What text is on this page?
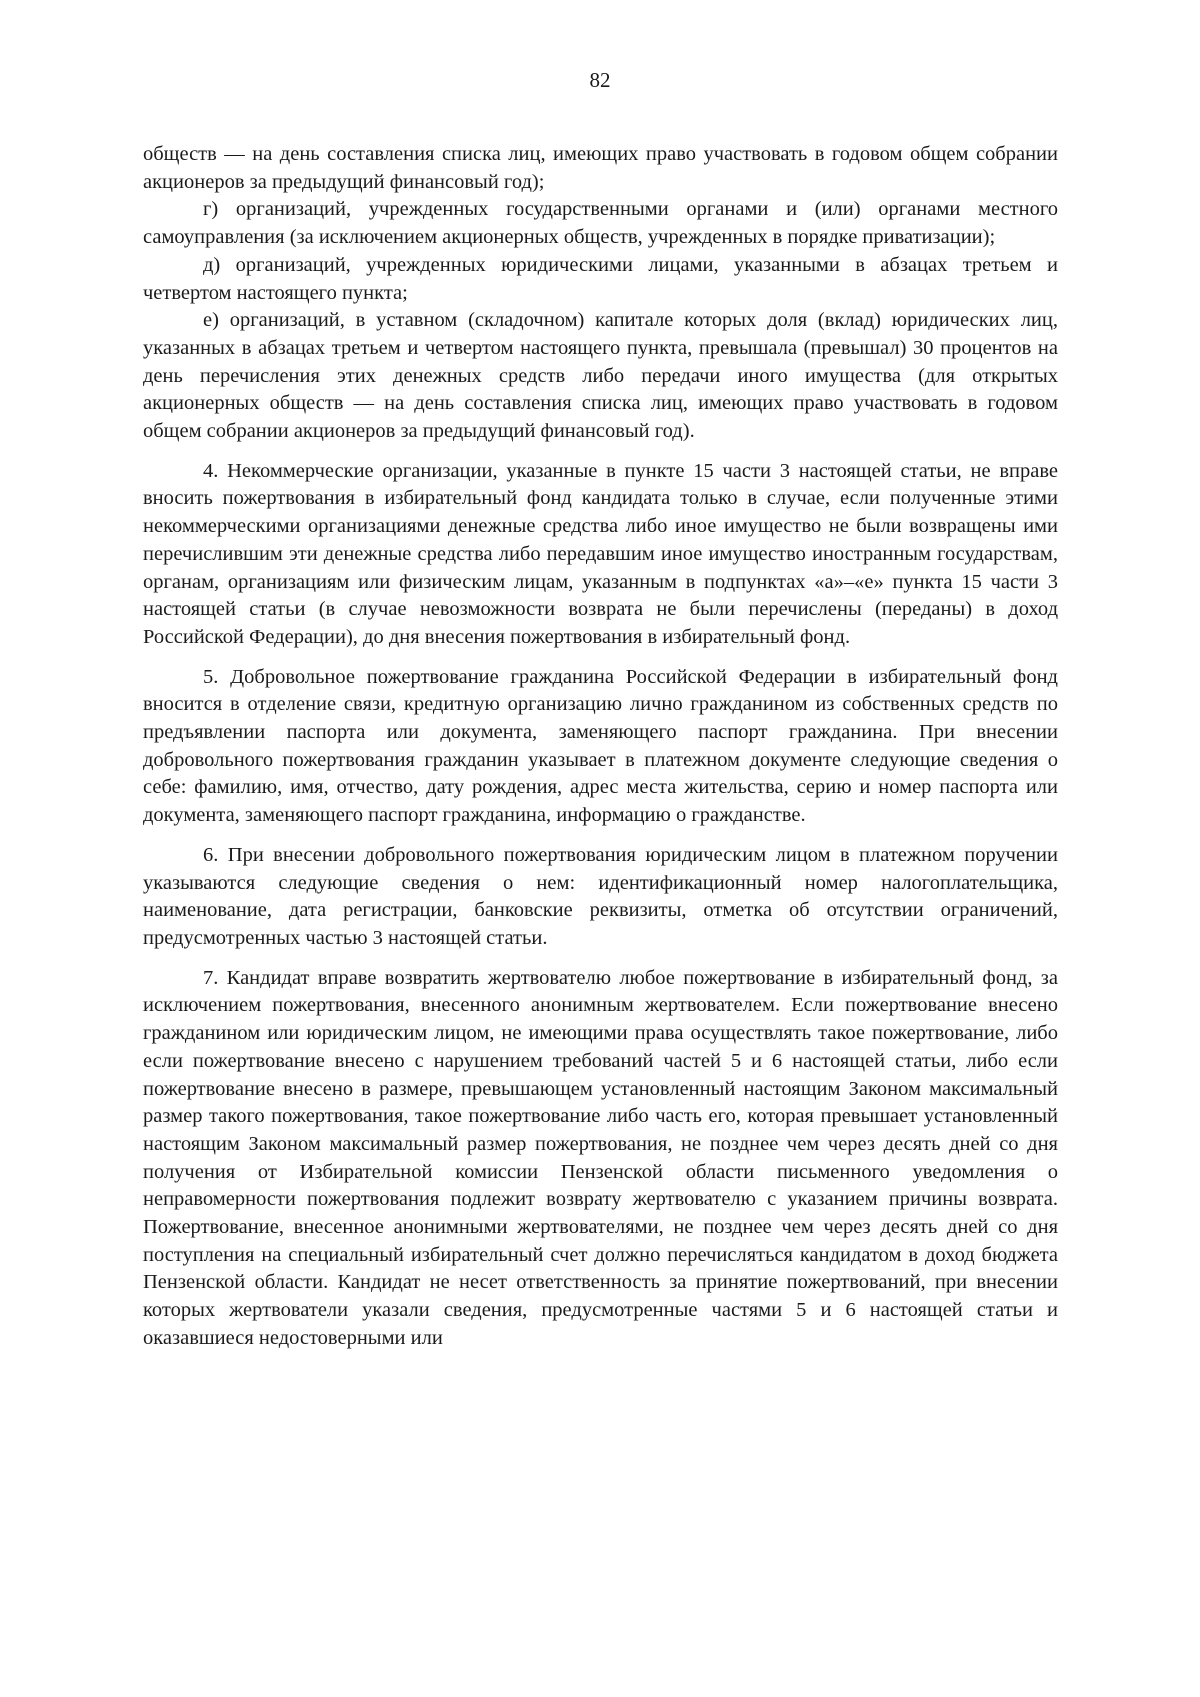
82

обществ — на день составления списка лиц, имеющих право участвовать в годовом общем собрании акционеров за предыдущий финансовый год);

г) организаций, учрежденных государственными органами и (или) органами местного самоуправления (за исключением акционерных обществ, учрежденных в порядке приватизации);

д) организаций, учрежденных юридическими лицами, указанными в абзацах третьем и четвертом настоящего пункта;

е) организаций, в уставном (складочном) капитале которых доля (вклад) юридических лиц, указанных в абзацах третьем и четвертом настоящего пункта, превышала (превышал) 30 процентов на день перечисления этих денежных средств либо передачи иного имущества (для открытых акционерных обществ — на день составления списка лиц, имеющих право участвовать в годовом общем собрании акционеров за предыдущий финансовый год).

4. Некоммерческие организации, указанные в пункте 15 части 3 настоящей статьи, не вправе вносить пожертвования в избирательный фонд кандидата только в случае, если полученные этими некоммерческими организациями денежные средства либо иное имущество не были возвращены ими перечислившим эти денежные средства либо передавшим иное имущество иностранным государствам, органам, организациям или физическим лицам, указанным в подпунктах «а»–«е» пункта 15 части 3 настоящей статьи (в случае невозможности возврата не были перечислены (переданы) в доход Российской Федерации), до дня внесения пожертвования в избирательный фонд.

5. Добровольное пожертвование гражданина Российской Федерации в избирательный фонд вносится в отделение связи, кредитную организацию лично гражданином из собственных средств по предъявлении паспорта или документа, заменяющего паспорт гражданина. При внесении добровольного пожертвования гражданин указывает в платежном документе следующие сведения о себе: фамилию, имя, отчество, дату рождения, адрес места жительства, серию и номер паспорта или документа, заменяющего паспорт гражданина, информацию о гражданстве.

6. При внесении добровольного пожертвования юридическим лицом в платежном поручении указываются следующие сведения о нем: идентификационный номер налогоплательщика, наименование, дата регистрации, банковские реквизиты, отметка об отсутствии ограничений, предусмотренных частью 3 настоящей статьи.

7. Кандидат вправе возвратить жертвователю любое пожертвование в избирательный фонд, за исключением пожертвования, внесенного анонимным жертвователем. Если пожертвование внесено гражданином или юридическим лицом, не имеющими права осуществлять такое пожертвование, либо если пожертвование внесено с нарушением требований частей 5 и 6 настоящей статьи, либо если пожертвование внесено в размере, превышающем установленный настоящим Законом максимальный размер такого пожертвования, такое пожертвование либо часть его, которая превышает установленный настоящим Законом максимальный размер пожертвования, не позднее чем через десять дней со дня получения от Избирательной комиссии Пензенской области письменного уведомления о неправомерности пожертвования подлежит возврату жертвователю с указанием причины возврата. Пожертвование, внесенное анонимными жертвователями, не позднее чем через десять дней со дня поступления на специальный избирательный счет должно перечисляться кандидатом в доход бюджета Пензенской области. Кандидат не несет ответственность за принятие пожертвований, при внесении которых жертвователи указали сведения, предусмотренные частями 5 и 6 настоящей статьи и оказавшиеся недостоверными или
